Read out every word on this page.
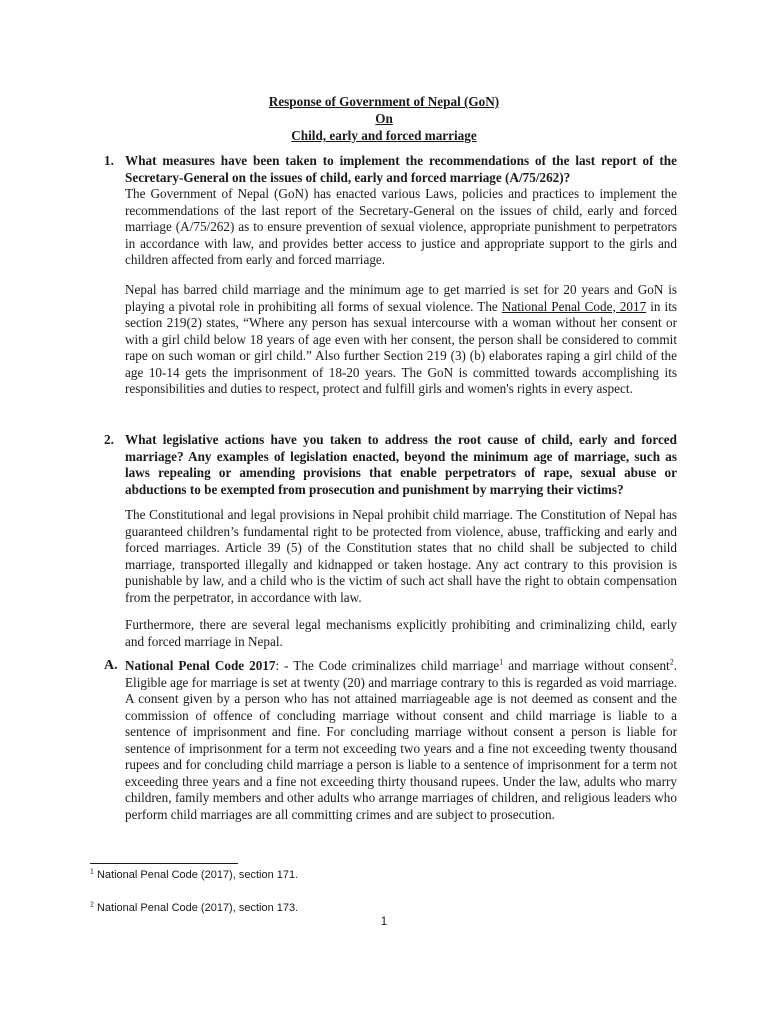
Response of Government of Nepal (GoN)
On
Child, early and forced marriage
1. What measures have been taken to implement the recommendations of the last report of the Secretary-General on the issues of child, early and forced marriage (A/75/262)?
The Government of Nepal (GoN) has enacted various Laws, policies and practices to implement the recommendations of the last report of the Secretary-General on the issues of child, early and forced marriage (A/75/262) as to ensure prevention of sexual violence, appropriate punishment to perpetrators in accordance with law, and provides better access to justice and appropriate support to the girls and children affected from early and forced marriage.
Nepal has barred child marriage and the minimum age to get married is set for 20 years and GoN is playing a pivotal role in prohibiting all forms of sexual violence. The National Penal Code, 2017 in its section 219(2) states, “Where any person has sexual intercourse with a woman without her consent or with a girl child below 18 years of age even with her consent, the person shall be considered to commit rape on such woman or girl child.” Also further Section 219 (3) (b) elaborates raping a girl child of the age 10-14 gets the imprisonment of 18-20 years. The GoN is committed towards accomplishing its responsibilities and duties to respect, protect and fulfill girls and women's rights in every aspect.
2. What legislative actions have you taken to address the root cause of child, early and forced marriage? Any examples of legislation enacted, beyond the minimum age of marriage, such as laws repealing or amending provisions that enable perpetrators of rape, sexual abuse or abductions to be exempted from prosecution and punishment by marrying their victims?
The Constitutional and legal provisions in Nepal prohibit child marriage. The Constitution of Nepal has guaranteed children’s fundamental right to be protected from violence, abuse, trafficking and early and forced marriages. Article 39 (5) of the Constitution states that no child shall be subjected to child marriage, transported illegally and kidnapped or taken hostage. Any act contrary to this provision is punishable by law, and a child who is the victim of such act shall have the right to obtain compensation from the perpetrator, in accordance with law.
Furthermore, there are several legal mechanisms explicitly prohibiting and criminalizing child, early and forced marriage in Nepal.
A. National Penal Code 2017: - The Code criminalizes child marriage$^1$ and marriage without consent$^2$. Eligible age for marriage is set at twenty (20) and marriage contrary to this is regarded as void marriage. A consent given by a person who has not attained marriageable age is not deemed as consent and the commission of offence of concluding marriage without consent and child marriage is liable to a sentence of imprisonment and fine. For concluding marriage without consent a person is liable for sentence of imprisonment for a term not exceeding two years and a fine not exceeding twenty thousand rupees and for concluding child marriage a person is liable to a sentence of imprisonment for a term not exceeding three years and a fine not exceeding thirty thousand rupees. Under the law, adults who marry children, family members and other adults who arrange marriages of children, and religious leaders who perform child marriages are all committing crimes and are subject to prosecution.
$^1$ National Penal Code (2017), section 171.
$^2$ National Penal Code (2017), section 173.
1
